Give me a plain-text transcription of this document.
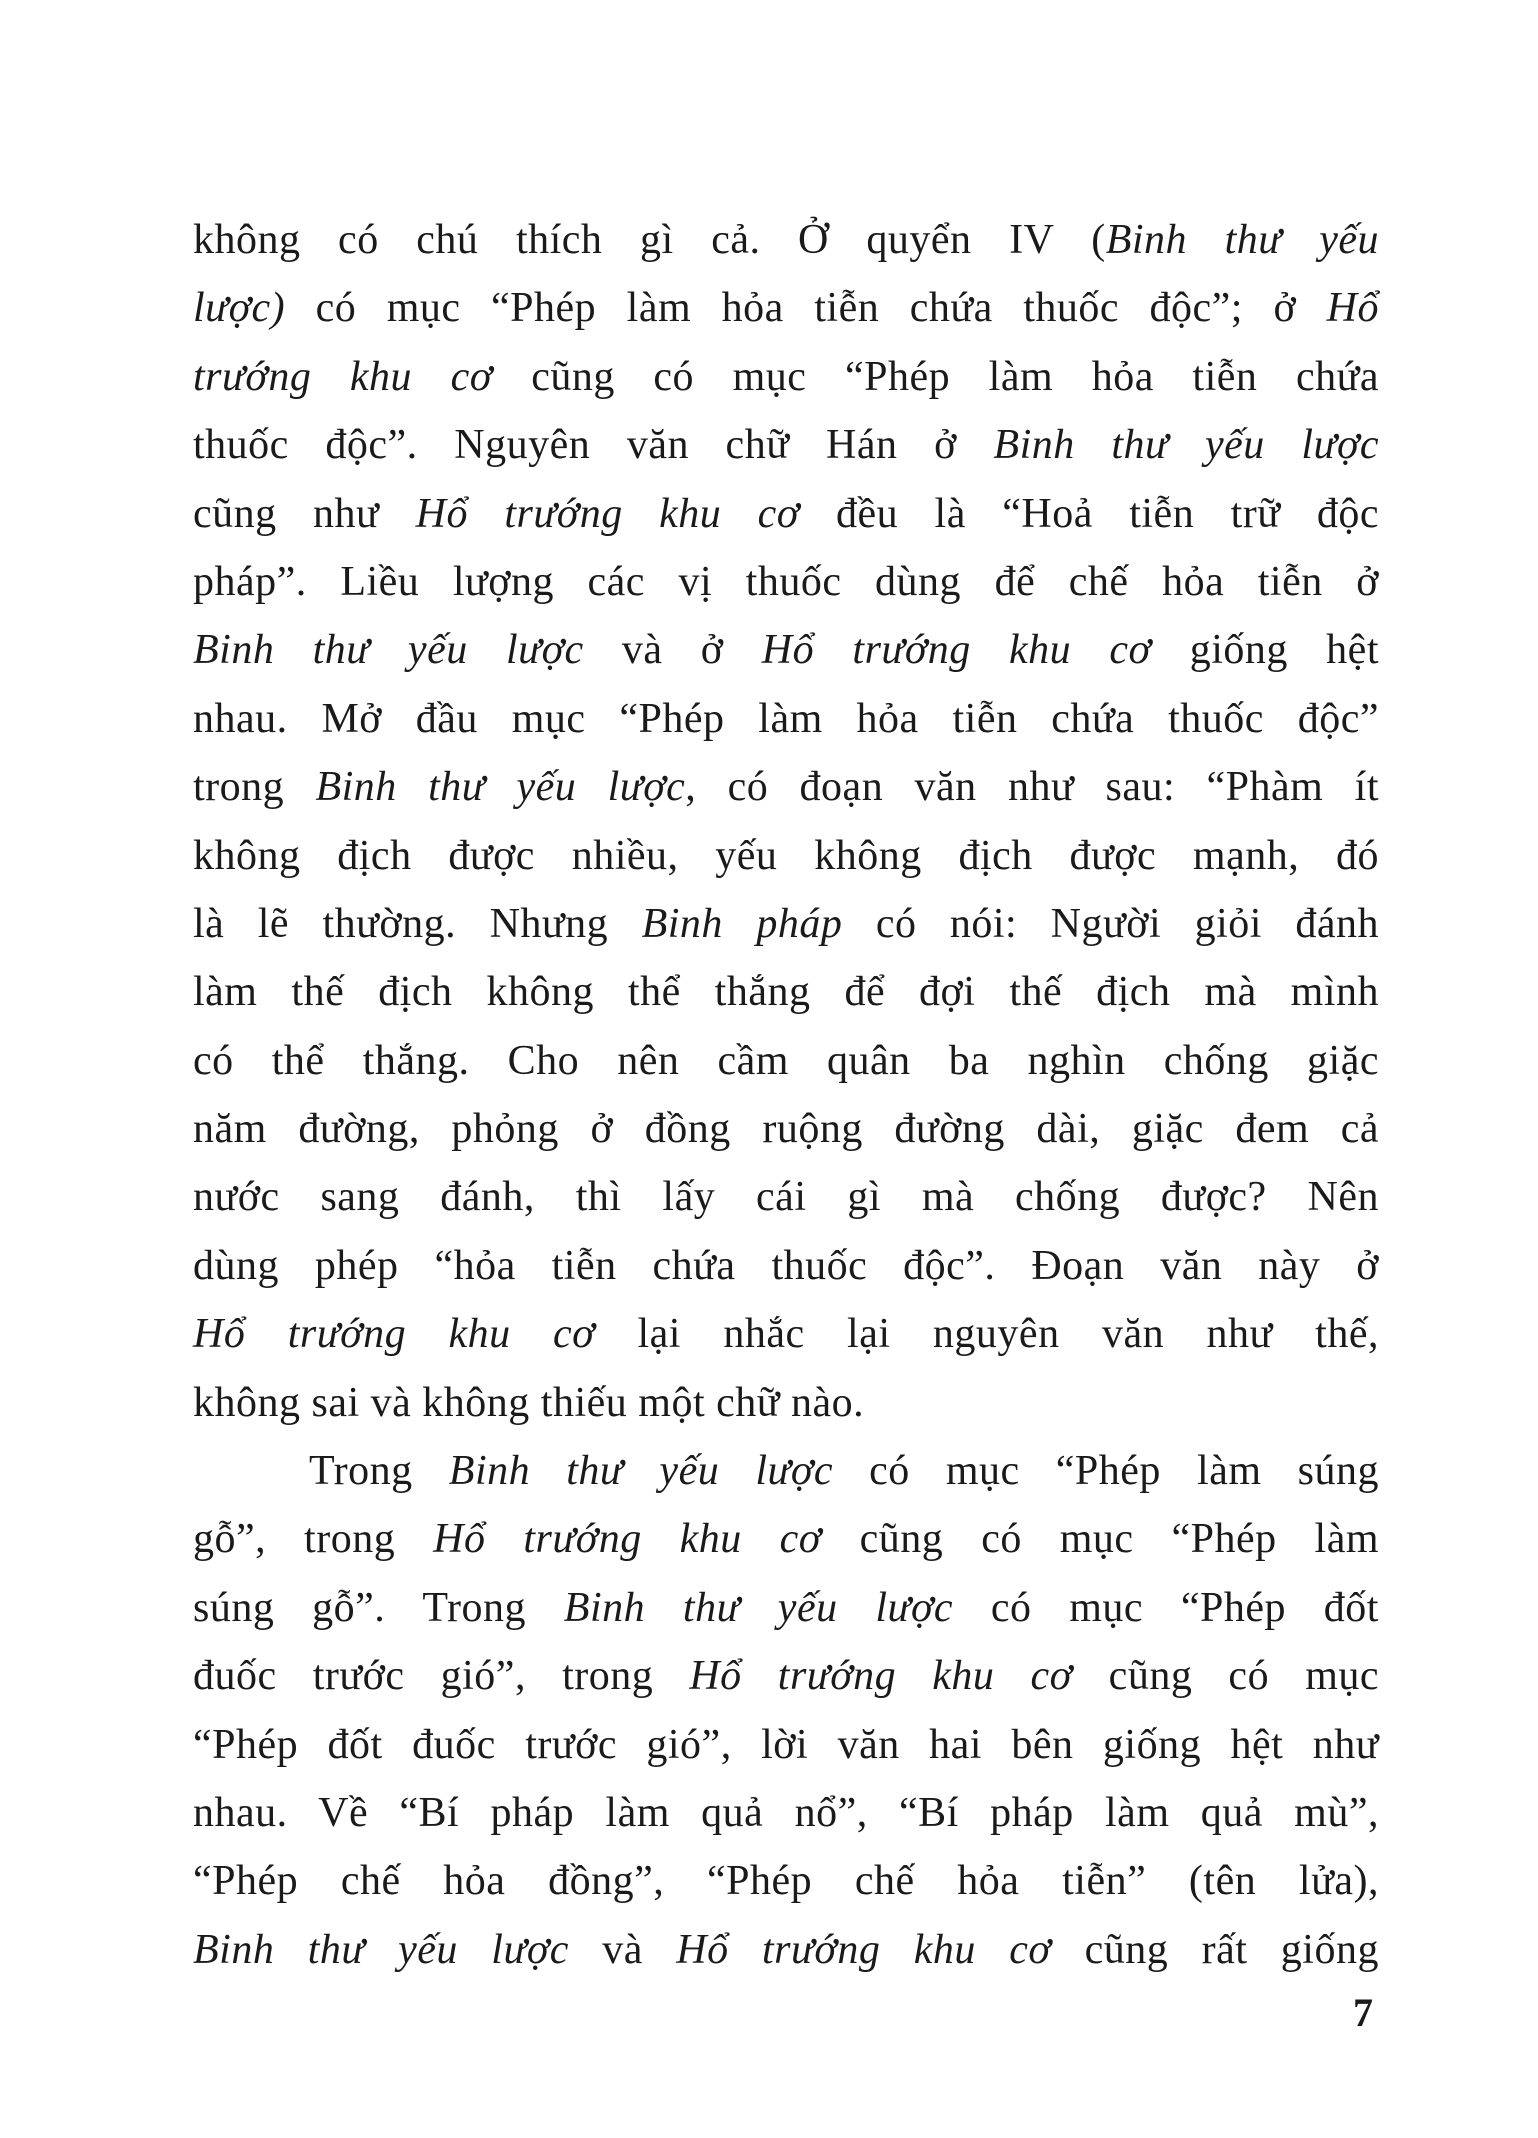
không có chú thích gì cả. Ở quyển IV (Binh thư yếu
lược) có mục “Phép làm hỏa tiễn chứa thuốc độc”; ở Hổ
trướng khu cơ cũng có mục “Phép làm hỏa tiễn chứa
thuốc độc”. Nguyên văn chữ Hán ở Binh thư yếu lược
cũng như Hổ trướng khu cơ đều là “Hoả tiễn trữ độc
pháp”. Liều lượng các vị thuốc dùng để chế hỏa tiễn ở
Binh thư yếu lược và ở Hổ trướng khu cơ giống hệt
nhau. Mở đầu mục “Phép làm hỏa tiễn chứa thuốc độc”
trong Binh thư yếu lược, có đoạn văn như sau: “Phàm ít
không địch được nhiều, yếu không địch được mạnh, đó
là lẽ thường. Nhưng Binh pháp có nói: Người giỏi đánh
làm thế địch không thể thắng để đợi thế địch mà mình
có thể thắng. Cho nên cầm quân ba nghìn chống giặc
năm đường, phỏng ở đồng ruộng đường dài, giặc đem cả
nước sang đánh, thì lấy cái gì mà chống được? Nên
dùng phép “hỏa tiễn chứa thuốc độc”. Đoạn văn này ở
Hổ trướng khu cơ lại nhắc lại nguyên văn như thế,
không sai và không thiếu một chữ nào.
Trong Binh thư yếu lược có mục “Phép làm súng
gỗ”, trong Hổ trướng khu cơ cũng có mục “Phép làm
súng gỗ”. Trong Binh thư yếu lược có mục “Phép đốt
đuốc trước gió”, trong Hổ trướng khu cơ cũng có mục
“Phép đốt đuốc trước gió”, lời văn hai bên giống hệt như
nhau. Về “Bí pháp làm quả nổ”, “Bí pháp làm quả mù”,
“Phép chế hỏa đồng”, “Phép chế hỏa tiễn” (tên lửa),
Binh thư yếu lược và Hổ trướng khu cơ cũng rất giống
7
